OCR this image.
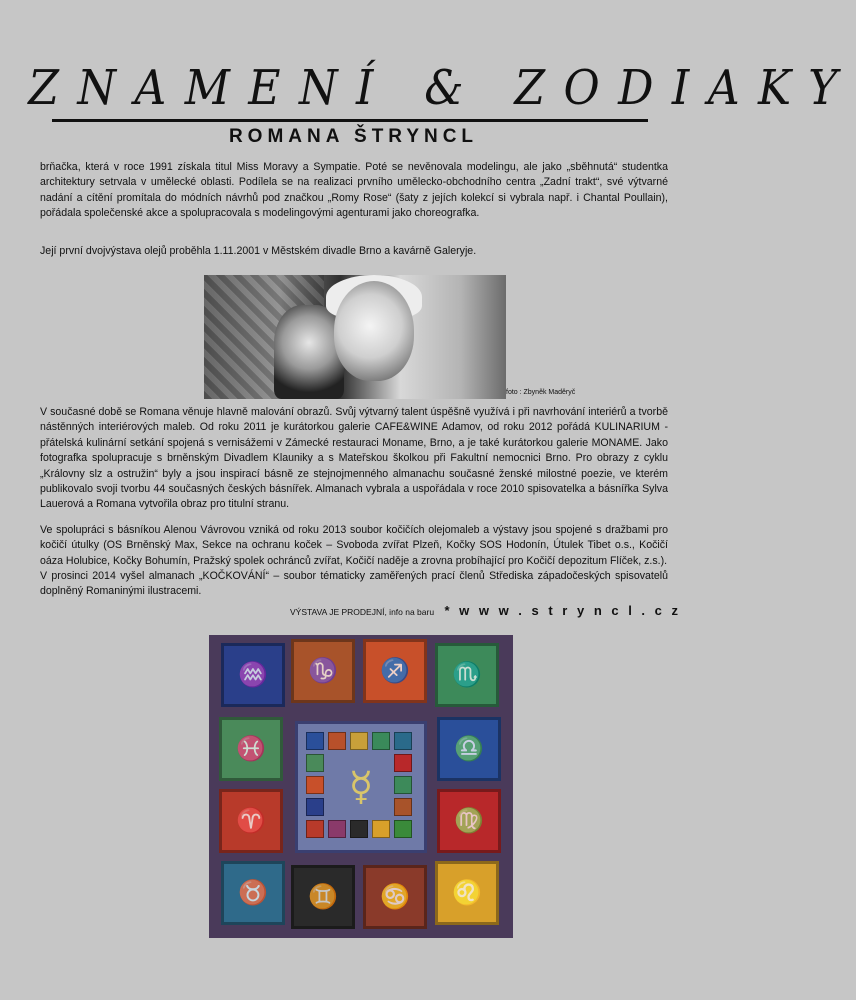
ZNAMENÍ & ZODIAKY
ROMANA ŠTRYNCL

brňačka, která v roce 1991 získala titul Miss Moravy a Sympatie. Poté se nevěnovala modelingu, ale jako „sběhnutá“ studentka architektury setrvala v umělecké oblasti. Podílela se na realizaci prvního umělecko-obchodního centra „Zadní trakt“, své výtvarné nadání a cítění promítala do módních návrhů pod značkou „Romy Rose“ (šaty z jejích kolekcí si vybrala např. i Chantal Poullain), pořádala společenské akce a spolupracovala s modelingovými agenturami jako choreografka.

Její první dvojvýstava olejů proběhla 1.11.2001 v Městském divadle Brno a kavárně Galeryje.

foto : Zbyněk Maděryč

V současné době se Romana věnuje hlavně malování obrazů. Svůj výtvarný talent úspěšně využívá i při navrhování interiérů a tvorbě nástěnných interiérových maleb. Od roku 2011 je kurátorkou galerie CAFE&WINE Adamov, od roku 2012 pořádá KULINARIUM - přátelská kulinární setkání spojená s vernisážemi v Zámecké restauraci Moname, Brno, a je také kurátorkou galerie MONAME. Jako fotografka spolupracuje s brněnským Divadlem Klauniky a s Mateřskou školkou při Fakultní nemocnici Brno. Pro obrazy z cyklu „Královny slz a ostružin“ byly a jsou inspirací básně ze stejnojmenného almanachu současné ženské milostné poezie, ve kterém publikovalo svoji tvorbu 44 současných českých básnířek. Almanach vybrala a uspořádala v roce 2010 spisovatelka a básnířka Sylva Lauerová a Romana vytvořila obraz pro titulní stranu.

Ve spolupráci s básníkou Alenou Vávrovou vzniká od roku 2013 soubor kočičích olejomaleb a výstavy jsou spojené s dražbami pro kočičí útulky (OS Brněnský Max, Sekce na ochranu koček – Svoboda zvířat Plzeň, Kočky SOS Hodonín, Útulek Tibet o.s., Kočičí oáza Holubice, Kočky Bohumín, Pražský spolek ochránců zvířat, Kočičí naděje a zrovna probíhající pro Kočičí depozitum Flíček, z.s.).

V prosinci 2014 vyšel almanach „KOČKOVÁNÍ“ – soubor tématicky zaměřených prací členů Střediska západočeských spisovatelů doplněný Romaninými ilustracemi.

VÝSTAVA JE PRODEJNÍ, info na baru * w w w . s t r y n c l . c z
♒ ♑ ♐ ♏
♓
♈
♉
♎
♍
♌
♊ ♋
☿
